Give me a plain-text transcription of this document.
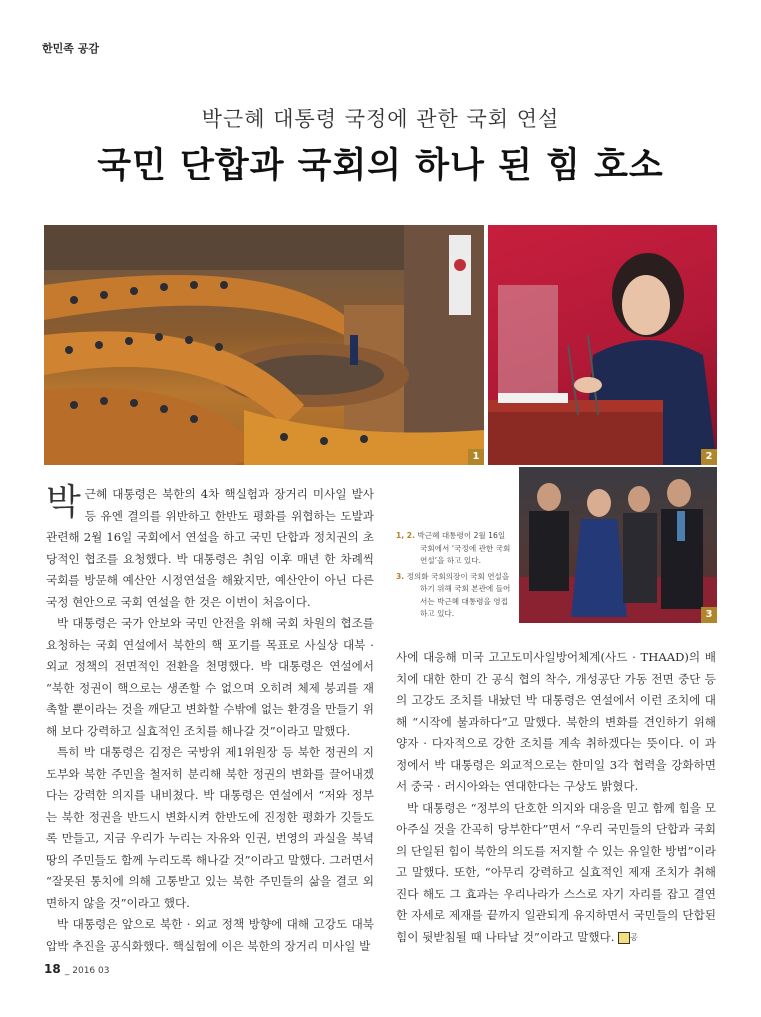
한민족 공감
박근혜 대통령 국정에 관한 국회 연설
국민 단합과 국회의 하나 된 힘 호소
1	2
3

박근혜 대통령은 북한의 4차 핵실험과 장거리 미사일 발사 등 유엔 결의를 위반하고 한반도 평화를 위협하는 도발과 관련해 2월 16일 국회에서 연설을 하고 국민 단합과 정치권의 초당적인 협조를 요청했다. 박 대통령은 취임 이후 매년 한 차례씩 국회를 방문해 예산안 시정연설을 해왔지만, 예산안이 아닌 다른 국정 현안으로 국회 연설을 한 것은 이번이 처음이다.

박 대통령은 국가 안보와 국민 안전을 위해 국회 차원의 협조를 요청하는 국회 연설에서 북한의 핵 포기를 목표로 사실상 대북 · 외교 정책의 전면적인 전환을 천명했다. 박 대통령은 연설에서 “북한 정권이 핵으로는 생존할 수 없으며 오히려 체제 붕괴를 재촉할 뿐이라는 것을 깨닫고 변화할 수밖에 없는 환경을 만들기 위해 보다 강력하고 실효적인 조치를 해나갈 것”이라고 말했다.

특히 박 대통령은 김정은 국방위 제1위원장 등 북한 정권의 지도부와 북한 주민을 철저히 분리해 북한 정권의 변화를 끌어내겠다는 강력한 의지를 내비쳤다. 박 대통령은 연설에서 “저와 정부는 북한 정권을 반드시 변화시켜 한반도에 진정한 평화가 깃들도록 만들고, 지금 우리가 누리는 자유와 인권, 번영의 과실을 북녘 땅의 주민들도 함께 누리도록 해나갈 것”이라고 말했다. 그러면서 “잘못된 통치에 의해 고통받고 있는 북한 주민들의 삶을 결코 외면하지 않을 것”이라고 했다.

박 대통령은 앞으로 북한 · 외교 정책 방향에 대해 고강도 대북 압박 추진을 공식화했다. 핵실험에 이은 북한의 장거리 미사일 발

1, 2. 박근혜 대통령이 2월 16일 국회에서 ‘국정에 관한 국회 연설’을 하고 있다.

3. 정의화 국회의장이 국회 연설을 하기 위해 국회 본관에 들어서는 박근혜 대통령을 영접하고 있다.

사에 대응해 미국 고고도미사일방어체계(사드 · THAAD)의 배치에 대한 한미 간 공식 협의 착수, 개성공단 가동 전면 중단 등의 고강도 조치를 내놨던 박 대통령은 연설에서 이런 조치에 대해 “시작에 불과하다”고 말했다. 북한의 변화를 견인하기 위해 양자 · 다자적으로 강한 조치를 계속 취하겠다는 뜻이다. 이 과정에서 박 대통령은 외교적으로는 한미일 3각 협력을 강화하면서 중국 · 러시아와는 연대한다는 구상도 밝혔다.

박 대통령은 “정부의 단호한 의지와 대응을 믿고 함께 힘을 모아주실 것을 간곡히 당부한다”면서 “우리 국민들의 단합과 국회의 단일된 힘이 북한의 의도를 저지할 수 있는 유일한 방법”이라고 말했다. 또한, “아무리 강력하고 실효적인 제재 조치가 취해진다 해도 그 효과는 우리나라가 스스로 자기 자리를 잡고 결연한 자세로 제재를 끝까지 일관되게 유지하면서 국민들의 단합된 힘이 뒷받침될 때 나타날 것”이라고 말했다. 공

18 _ 2016 03
